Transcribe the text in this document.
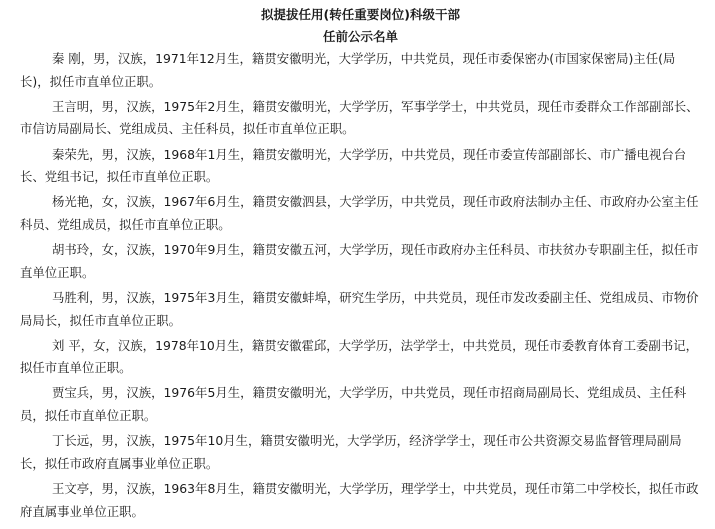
拟提拔任用(转任重要岗位)科级干部
任前公示名单

秦 刚，男，汉族，1971年12月生，籍贯安徽明光，大学学历，中共党员，现任市委保密办(市国家保密局)主任(局长)，拟任市直单位正职。

王言明，男，汉族，1975年2月生，籍贯安徽明光，大学学历，军事学学士，中共党员，现任市委群众工作部副部长、市信访局副局长、党组成员、主任科员，拟任市直单位正职。

秦荣先，男，汉族，1968年1月生，籍贯安徽明光，大学学历，中共党员，现任市委宣传部副部长、市广播电视台台长、党组书记，拟任市直单位正职。

杨光艳，女，汉族，1967年6月生，籍贯安徽泗县，大学学历，中共党员，现任市政府法制办主任、市政府办公室主任科员、党组成员，拟任市直单位正职。

胡书玲，女，汉族，1970年9月生，籍贯安徽五河，大学学历，现任市政府办主任科员、市扶贫办专职副主任，拟任市直单位正职。

马胜利，男，汉族，1975年3月生，籍贯安徽蚌埠，研究生学历，中共党员，现任市发改委副主任、党组成员、市物价局局长，拟任市直单位正职。

刘 平，女，汉族，1978年10月生，籍贯安徽霍邱，大学学历，法学学士，中共党员，现任市委教育体育工委副书记，拟任市直单位正职。

贾宝兵，男，汉族，1976年5月生，籍贯安徽明光，大学学历，中共党员，现任市招商局副局长、党组成员、主任科员，拟任市直单位正职。

丁长远，男，汉族，1975年10月生，籍贯安徽明光，大学学历，经济学学士，现任市公共资源交易监督管理局副局长，拟任市政府直属事业单位正职。

王文亭，男，汉族，1963年8月生，籍贯安徽明光，大学学历，理学学士，中共党员，现任市第二中学校长，拟任市政府直属事业单位正职。
